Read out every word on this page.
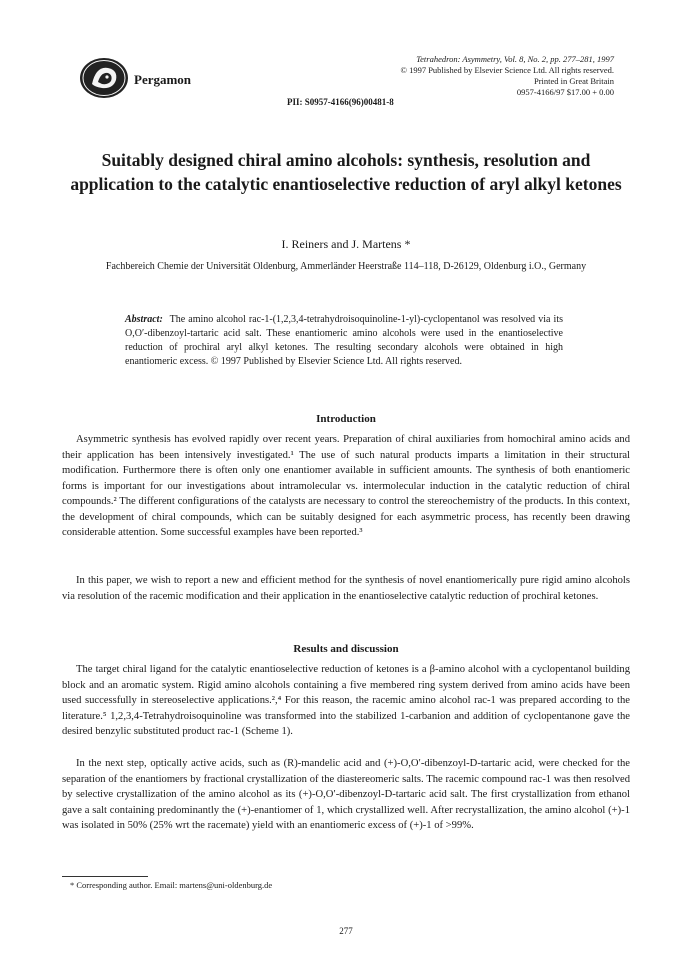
Pergamon
Tetrahedron: Asymmetry, Vol. 8, No. 2, pp. 277–281, 1997
© 1997 Published by Elsevier Science Ltd. All rights reserved.
Printed in Great Britain
0957-4166/97 $17.00 + 0.00
PII: S0957-4166(96)00481-8
Suitably designed chiral amino alcohols: synthesis, resolution and application to the catalytic enantioselective reduction of aryl alkyl ketones
I. Reiners and J. Martens *
Fachbereich Chemie der Universität Oldenburg, Ammerländer Heerstraße 114–118, D-26129, Oldenburg i.O., Germany
Abstract: The amino alcohol rac-1-(1,2,3,4-tetrahydroisoquinoline-1-yl)-cyclopentanol was resolved via its O,O′-dibenzoyl-tartaric acid salt. These enantiomeric amino alcohols were used in the enantioselective reduction of prochiral aryl alkyl ketones. The resulting secondary alcohols were obtained in high enantiomeric excess. © 1997 Published by Elsevier Science Ltd. All rights reserved.
Introduction
Asymmetric synthesis has evolved rapidly over recent years. Preparation of chiral auxiliaries from homochiral amino acids and their application has been intensively investigated.¹ The use of such natural products imparts a limitation in their structural modification. Furthermore there is often only one enantiomer available in sufficient amounts. The synthesis of both enantiomeric forms is important for our investigations about intramolecular vs. intermolecular induction in the catalytic reduction of chiral compounds.² The different configurations of the catalysts are necessary to control the stereochemistry of the products. In this context, the development of chiral compounds, which can be suitably designed for each asymmetric process, has recently been drawing considerable attention. Some successful examples have been reported.³
In this paper, we wish to report a new and efficient method for the synthesis of novel enantiomerically pure rigid amino alcohols via resolution of the racemic modification and their application in the enantioselective catalytic reduction of prochiral ketones.
Results and discussion
The target chiral ligand for the catalytic enantioselective reduction of ketones is a β-amino alcohol with a cyclopentanol building block and an aromatic system. Rigid amino alcohols containing a five membered ring system derived from amino acids have been used successfully in stereoselective applications.²,⁴ For this reason, the racemic amino alcohol rac-1 was prepared according to the literature.⁵ 1,2,3,4-Tetrahydroisoquinoline was transformed into the stabilized 1-carbanion and addition of cyclopentanone gave the desired benzylic substituted product rac-1 (Scheme 1).
In the next step, optically active acids, such as (R)-mandelic acid and (+)-O,O′-dibenzoyl-D-tartaric acid, were checked for the separation of the enantiomers by fractional crystallization of the diastereomeric salts. The racemic compound rac-1 was then resolved by selective crystallization of the amino alcohol as its (+)-O,O′-dibenzoyl-D-tartaric acid salt. The first crystallization from ethanol gave a salt containing predominantly the (+)-enantiomer of 1, which crystallized well. After recrystallization, the amino alcohol (+)-1 was isolated in 50% (25% wrt the racemate) yield with an enantiomeric excess of (+)-1 of >99%.
* Corresponding author. Email: martens@uni-oldenburg.de
277
